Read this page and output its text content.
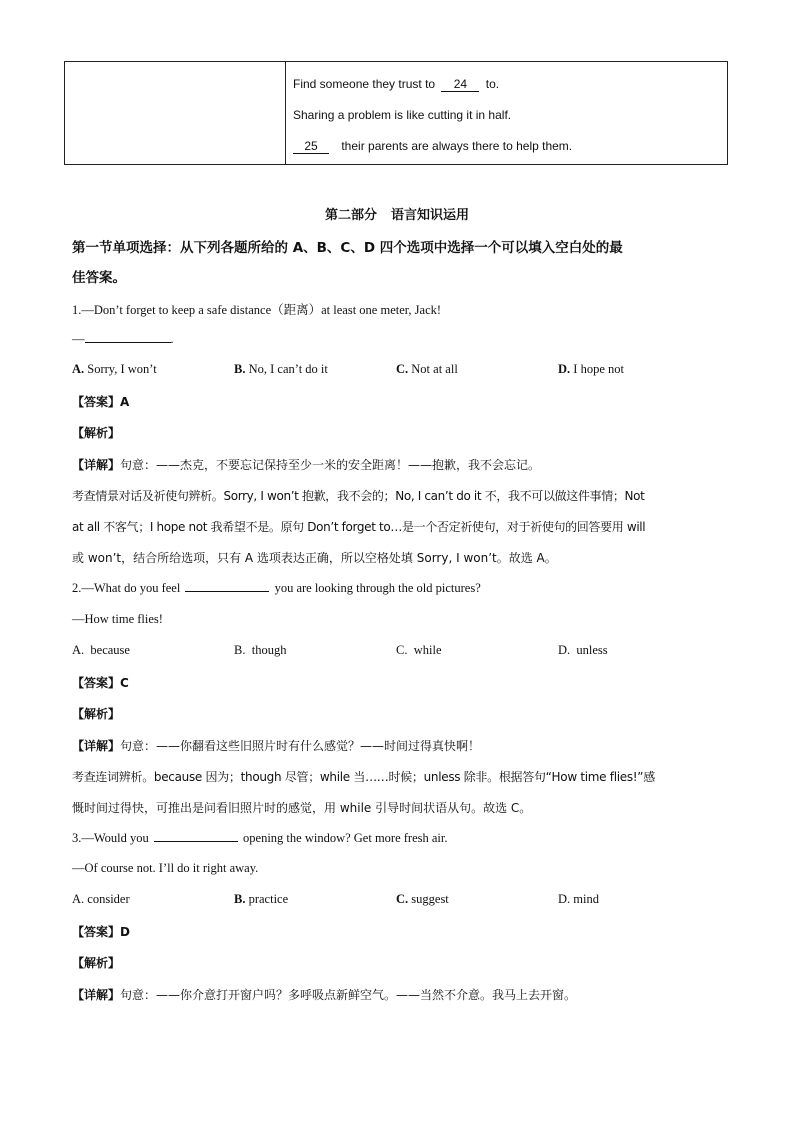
Find someone they trust to 24 to.
Sharing a problem is like cutting it in half.
25 their parents are always there to help them.
第二部分 语言知识运用
第一节单项选择：从下列各题所给的 A、B、C、D 四个选项中选择一个可以填入空白处的最
佳答案。
1.—Don’t forget to keep a safe distance（距离）at least one meter, Jack!
—	.
A. Sorry, I won’t	B. No, I can’t do it	C. Not at all	D. I hope not
【答案】A
【解析】
【详解】句意：——杰克，不要忘记保持至少一米的安全距离！——抱歉，我不会忘记。
考查情景对话及祈使句辨析。Sorry, I won’t 抱歉，我不会的；No, I can’t do it 不，我不可以做这件事情；Not
at all 不客气；I hope not 我希望不是。原句 Don’t forget to…是一个否定祈使句，对于祈使句的回答要用 will
或 won’t，结合所给选项，只有 A 选项表达正确，所以空格处填 Sorry, I won’t。故选 A。
2.—What do you feel	you are looking through the old pictures?
—How time flies!
A.  because	B.  though	C.  while	D.  unless
【答案】C
【解析】
【详解】句意：——你翻看这些旧照片时有什么感觉？——时间过得真快啊！
考查连词辨析。because 因为；though 尽管；while 当……时候；unless 除非。根据答句“How time flies!”感
慨时间过得快，可推出是问看旧照片时的感觉，用 while 引导时间状语从句。故选 C。
3.—Would you	opening the window? Get more fresh air.
—Of course not. I’ll do it right away.
A. consider	B. practice	C. suggest	D. mind
【答案】D
【解析】
【详解】句意：——你介意打开窗户吗？多呼吸点新鲜空气。——当然不介意。我马上去开窗。
